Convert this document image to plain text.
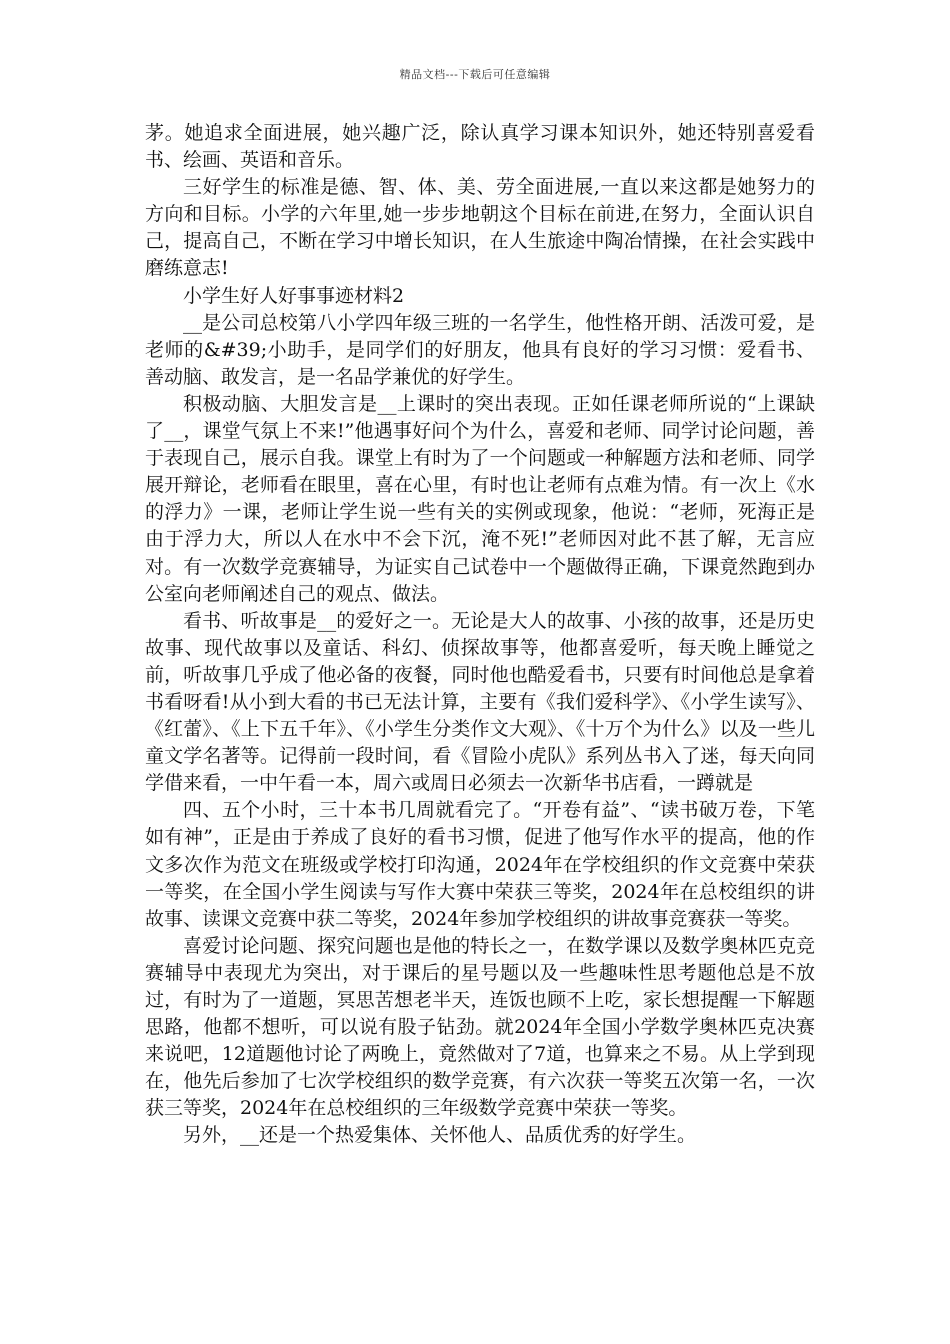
精品文档---下载后可任意编辑

茅。她追求全面进展，她兴趣广泛，除认真学习课本知识外，她还特别喜爱看书、绘画、英语和音乐。

三好学生的标准是德、智、体、美、劳全面进展,一直以来这都是她努力的方向和目标。小学的六年里,她一步步地朝这个目标在前进,在努力，全面认识自己，提高自己，不断在学习中增长知识，在人生旅途中陶冶情操，在社会实践中磨练意志!

小学生好人好事事迹材料2

__是公司总校第八小学四年级三班的一名学生，他性格开朗、活泼可爱，是老师的&#39;小助手，是同学们的好朋友，他具有良好的学习习惯：爱看书、善动脑、敢发言，是一名品学兼优的好学生。

积极动脑、大胆发言是__上课时的突出表现。正如任课老师所说的“上课缺了__，课堂气氛上不来!”他遇事好问个为什么，喜爱和老师、同学讨论问题，善于表现自己，展示自我。课堂上有时为了一个问题或一种解题方法和老师、同学展开辩论，老师看在眼里，喜在心里，有时也让老师有点难为情。有一次上《水的浮力》一课，老师让学生说一些有关的实例或现象，他说：“老师，死海正是由于浮力大，所以人在水中不会下沉，淹不死!”老师因对此不甚了解，无言应对。有一次数学竞赛辅导，为证实自己试卷中一个题做得正确，下课竟然跑到办公室向老师阐述自己的观点、做法。

看书、听故事是__的爱好之一。无论是大人的故事、小孩的故事，还是历史故事、现代故事以及童话、科幻、侦探故事等，他都喜爱听，每天晚上睡觉之前，听故事几乎成了他必备的夜餐，同时他也酷爱看书，只要有时间他总是拿着书看呀看!从小到大看的书已无法计算，主要有《我们爱科学》、《小学生读写》、《红蕾》、《上下五千年》、《小学生分类作文大观》、《十万个为什么》以及一些儿童文学名著等。记得前一段时间，看《冒险小虎队》系列丛书入了迷，每天向同学借来看，一中午看一本，周六或周日必须去一次新华书店看，一蹲就是

四、五个小时，三十本书几周就看完了。“开卷有益”、“读书破万卷，下笔如有神”，正是由于养成了良好的看书习惯，促进了他写作水平的提高，他的作文多次作为范文在班级或学校打印沟通，2024年在学校组织的作文竞赛中荣获一等奖，在全国小学生阅读与写作大赛中荣获三等奖，2024年在总校组织的讲故事、读课文竞赛中获二等奖，2024年参加学校组织的讲故事竞赛获一等奖。

喜爱讨论问题、探究问题也是他的特长之一，在数学课以及数学奥林匹克竞赛辅导中表现尤为突出，对于课后的星号题以及一些趣味性思考题他总是不放过，有时为了一道题，冥思苦想老半天，连饭也顾不上吃，家长想提醒一下解题思路，他都不想听，可以说有股子钻劲。就2024年全国小学数学奥林匹克决赛来说吧，12道题他讨论了两晚上，竟然做对了7道，也算来之不易。从上学到现在，他先后参加了七次学校组织的数学竞赛，有六次获一等奖五次第一名，一次获三等奖，2024年在总校组织的三年级数学竞赛中荣获一等奖。

另外，__还是一个热爱集体、关怀他人、品质优秀的好学生。
